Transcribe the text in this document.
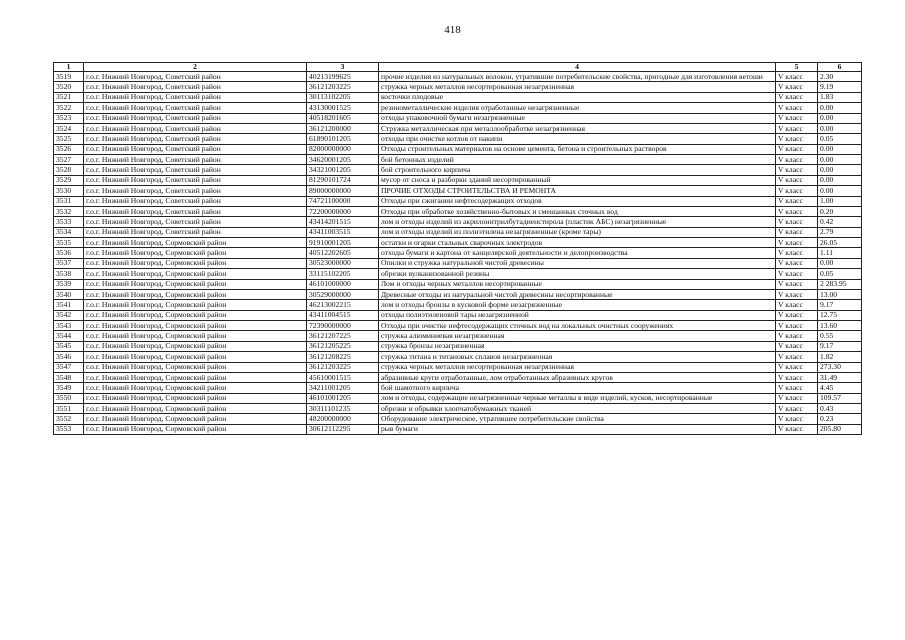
418
1	2	3	4	5	6
3519	г.о.г. Нижний Новгород, Советский район	40213199625	прочие изделия из натуральных волокон, утратившие потребительские свойства, пригодные для изготовления ветоши	V класс	2.30
3520	г.о.г. Нижний Новгород, Советский район	36121203225	стружка черных металлов несортированная незагрязненная	V класс	9.19
3521	г.о.г. Нижний Новгород, Советский район	30113102205	косточки плодовые	V класс	1.83
3522	г.о.г. Нижний Новгород, Советский район	43130001525	резинометаллические изделия отработанные незагрязненные	V класс	0.00
3523	г.о.г. Нижний Новгород, Советский район	40518201605	отходы упаковочной бумаги незагрязненные	V класс	0.00
3524	г.о.г. Нижний Новгород, Советский район	36121200000	Стружка металлическая при металлообработке незагрязненная	V класс	0.00
3525	г.о.г. Нижний Новгород, Советский район	61890101205	отходы при очистке котлов от накипи	V класс	0.05
3526	г.о.г. Нижний Новгород, Советский район	82000000000	Отходы строительных материалов на основе цемента, бетона и строительных растворов	V класс	0.00
3527	г.о.г. Нижний Новгород, Советский район	34620001205	бой бетонных изделий	V класс	0.00
3528	г.о.г. Нижний Новгород, Советский район	34321001205	бой строительного кирпича	V класс	0.00
3529	г.о.г. Нижний Новгород, Советский район	81290101724	мусор от сноса и разборки зданий несортированный	V класс	0.00
3530	г.о.г. Нижний Новгород, Советский район	89000000000	ПРОЧИЕ ОТХОДЫ СТРОИТЕЛЬСТВА И РЕМОНТА	V класс	0.00
3531	г.о.г. Нижний Новгород, Советский район	74721100000	Отходы при сжигании нефтесодержащих отходов	V класс	1.00
3532	г.о.г. Нижний Новгород, Советский район	72200000000	Отходы при обработке хозяйственно-бытовых и смешанных сточных вод	V класс	0.20
3533	г.о.г. Нижний Новгород, Советский район	43414201515	лом и отходы изделий из акрилонитрилбутадиенстирола (пластик АБС) незагрязненные	V класс	0.42
3534	г.о.г. Нижний Новгород, Советский район	43411003515	лом и отходы изделий из полиэтилена незагрязненные (кроме тары)	V класс	2.79
3535	г.о.г. Нижний Новгород, Сормовский район	91910001205	остатки и огарки стальных сварочных электродов	V класс	26.05
3536	г.о.г. Нижний Новгород, Сормовский район	40512202605	отходы бумаги и картона от канцелярской деятельности и делопроизводства	V класс	1.11
3537	г.о.г. Нижний Новгород, Сормовский район	30523000000	Опилки и стружка натуральной чистой древесины	V класс	0.00
3538	г.о.г. Нижний Новгород, Сормовский район	33115102205	обрезки вулканизованной резины	V класс	0.05
3539	г.о.г. Нижний Новгород, Сормовский район	46101000000	Лом и отходы черных металлов несортированные	V класс	2 283.95
3540	г.о.г. Нижний Новгород, Сормовский район	30529000000	Древесные отходы из натуральной чистой древесины несортированные	V класс	13.00
3541	г.о.г. Нижний Новгород, Сормовский район	46213002215	лом и отходы бронзы в кусковой форме незагрязненные	V класс	9.17
3542	г.о.г. Нижний Новгород, Сормовский район	43411004515	отходы полиэтиленовой тары незагрязненной	V класс	12.75
3543	г.о.г. Нижний Новгород, Сормовский район	72390000000	Отходы при очистке нефтесодержащих сточных вод на локальных очистных сооружениях	V класс	13.60
3544	г.о.г. Нижний Новгород, Сормовский район	36121207225	стружка алюминиевая незагрязненная	V класс	0.55
3545	г.о.г. Нижний Новгород, Сормовский район	36121205225	стружка бронзы незагрязненная	V класс	9.17
3546	г.о.г. Нижний Новгород, Сормовский район	36121208225	стружка титана и титановых сплавов незагрязненная	V класс	1.82
3547	г.о.г. Нижний Новгород, Сормовский район	36121203225	стружка черных металлов несортированная незагрязненная	V класс	273.30
3548	г.о.г. Нижний Новгород, Сормовский район	45610001515	абразивные круги отработанные, лом отработанных абразивных кругов	V класс	31.49
3549	г.о.г. Нижний Новгород, Сормовский район	34211001205	бой шамотного кирпича	V класс	4.45
3550	г.о.г. Нижний Новгород, Сормовский район	46101001205	лом и отходы, содержащие незагрязненные черные металлы в виде изделий, кусков, несортированные	V класс	109.57
3551	г.о.г. Нижний Новгород, Сормовский район	30311101235	обрезки и обрывки хлопчатобумажных тканей	V класс	0.43
3552	г.о.г. Нижний Новгород, Сормовский район	48200000000	Оборудование электрическое, утратившее потребительские свойства	V класс	0.23
3553	г.о.г. Нижний Новгород, Сормовский район	30612112295	рыв бумаги	V класс	205.80
